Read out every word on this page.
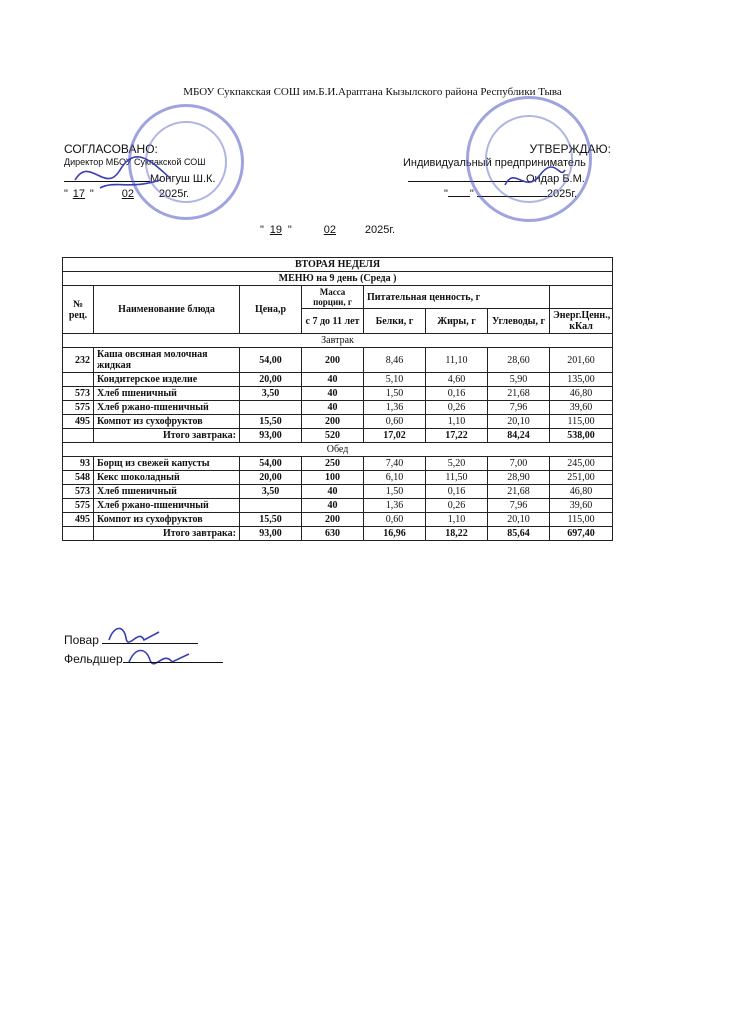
МБОУ Сукпакская СОШ им.Б.И.Араптана Кызылского района Республики Тыва
СОГЛАСОВАНО:
Директор МБОУ Сукпакской СОШ
Монгуш Ш.К.
" 17 " 02 2025г.
УТВЕРЖДАЮ:
Индивидуальный предприниматель
Ондар Б.М.
" "	2025г.
" 19 "	02	2025г.
ВТОРАЯ НЕДЕЛЯ							
МЕНЮ на 9 день (Среда )							
№ рец.	Наименование блюда	Цена,р	Масса порции, г	Питательная ценность, г			
			с 7 до 11 лет	Белки, г	Жиры, г	Углеводы, г	Энерг.Ценн., кКал
Завтрак							
232	Каша овсяная молочная жидкая	54,00	200	8,46	11,10	28,60	201,60
	Кондитерское изделие	20,00	40	5,10	4,60	5,90	135,00
573	Хлеб пшеничный	3,50	40	1,50	0,16	21,68	46,80
575	Хлеб ржано-пшеничный		40	1,36	0,26	7,96	39,60
495	Компот из сухофруктов	15,50	200	0,60	1,10	20,10	115,00
	Итого завтрака:	93,00	520	17,02	17,22	84,24	538,00
Обед							
93	Борщ из свежей капусты	54,00	250	7,40	5,20	7,00	245,00
548	Кекс шоколадный	20,00	100	6,10	11,50	28,90	251,00
573	Хлеб пшеничный	3,50	40	1,50	0,16	21,68	46,80
575	Хлеб ржано-пшеничный		40	1,36	0,26	7,96	39,60
495	Компот из сухофруктов	15,50	200	0,60	1,10	20,10	115,00
	Итого завтрака:	93,00	630	16,96	18,22	85,64	697,40
Повар
Фельдшер
